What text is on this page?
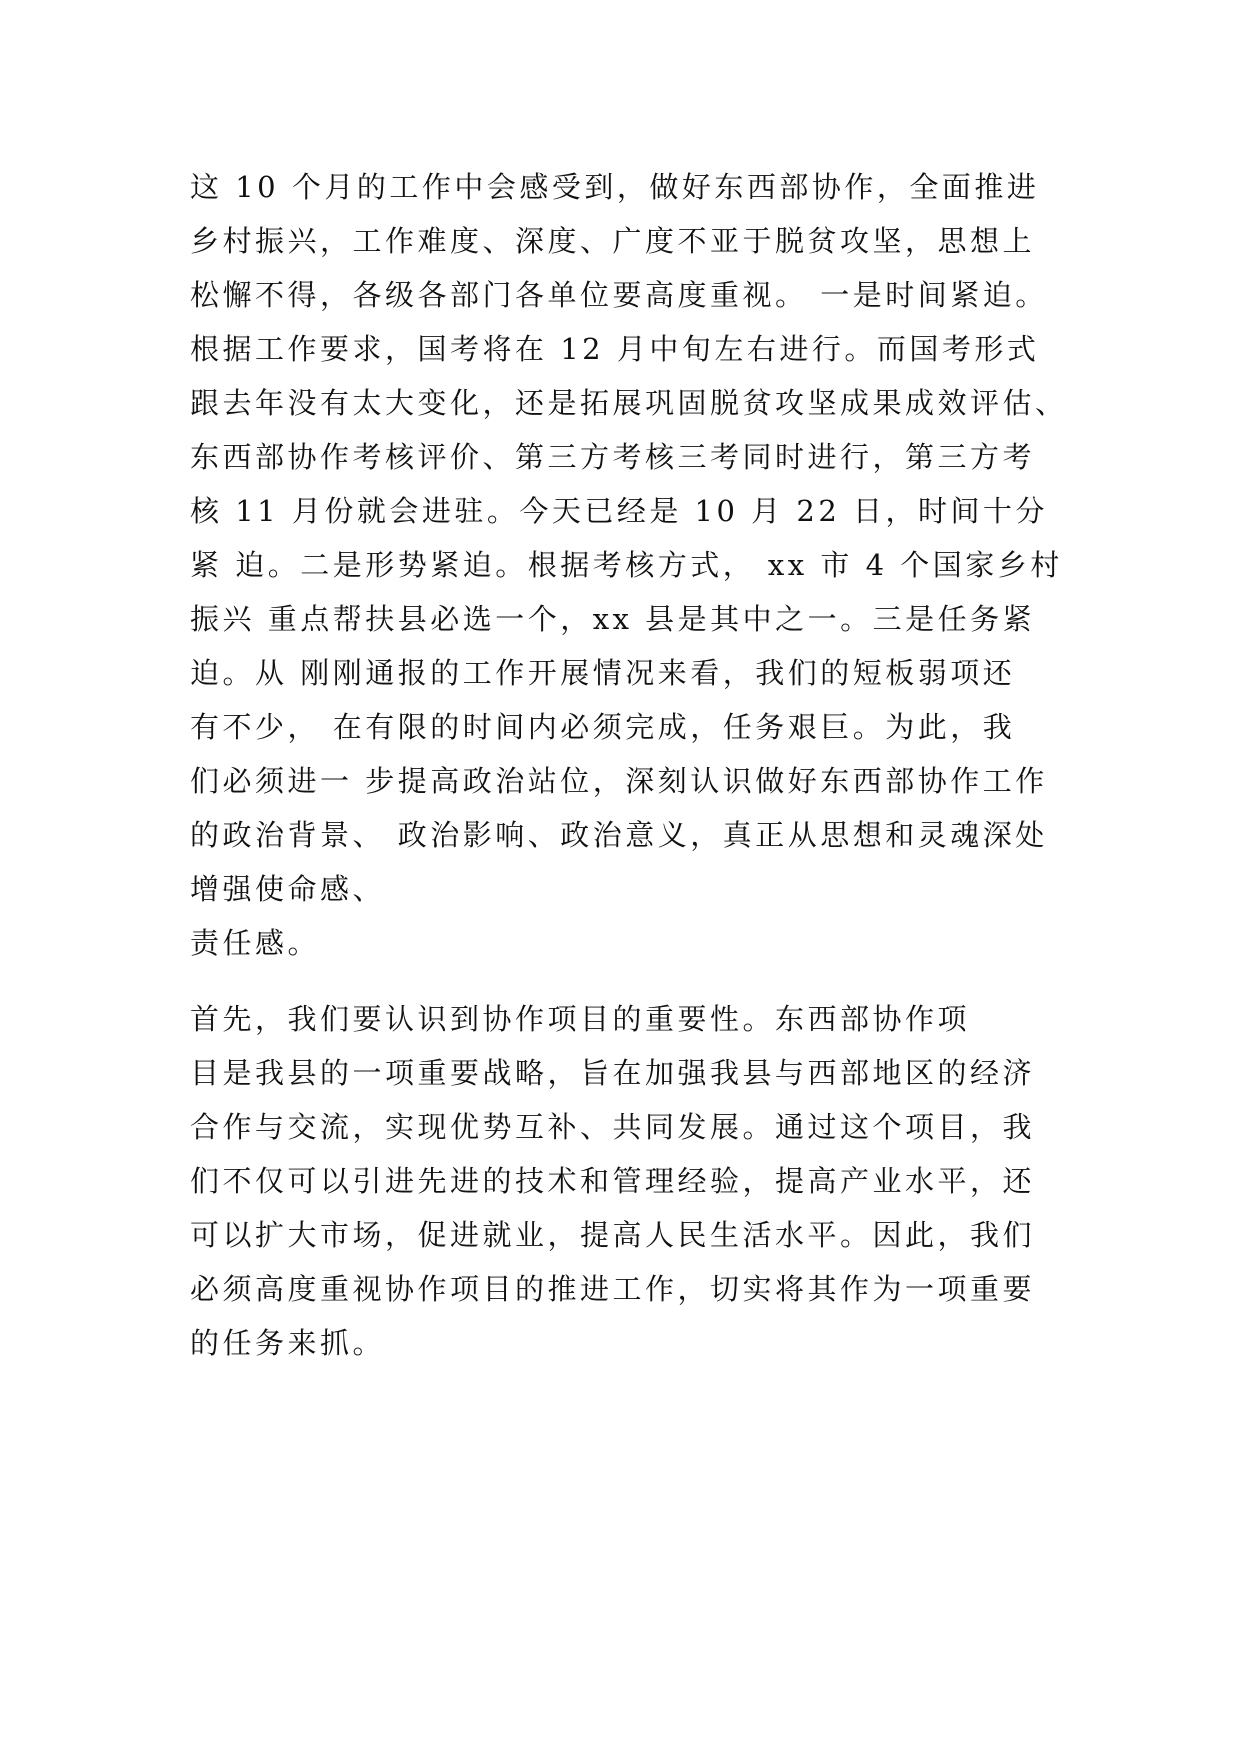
这 10 个月的工作中会感受到，做好东西部协作，全面推进
乡村振兴，工作难度、深度、广度不亚于脱贫攻坚，思想上
松懈不得，各级各部门各单位要高度重视。 一是时间紧迫。
根据工作要求，国考将在 12 月中旬左右进行。而国考形式
跟去年没有太大变化，还是拓展巩固脱贫攻坚成果成效评估、
东西部协作考核评价、第三方考核三考同时进行，第三方考
核 11 月份就会进驻。今天已经是 10 月 22 日，时间十分
紧 迫。二是形势紧迫。根据考核方式， xx 市 4 个国家乡村
振兴 重点帮扶县必选一个，xx 县是其中之一。三是任务紧
迫。从 刚刚通报的工作开展情况来看，我们的短板弱项还
有不少， 在有限的时间内必须完成，任务艰巨。为此，我
们必须进一 步提高政治站位，深刻认识做好东西部协作工作
的政治背景、 政治影响、政治意义，真正从思想和灵魂深处
增强使命感、
责任感。
首先，我们要认识到协作项目的重要性。东西部协作项
目是我县的一项重要战略，旨在加强我县与西部地区的经济
合作与交流，实现优势互补、共同发展。通过这个项目，我
们不仅可以引进先进的技术和管理经验，提高产业水平，还
可以扩大市场，促进就业，提高人民生活水平。因此，我们
必须高度重视协作项目的推进工作，切实将其作为一项重要
的任务来抓。
